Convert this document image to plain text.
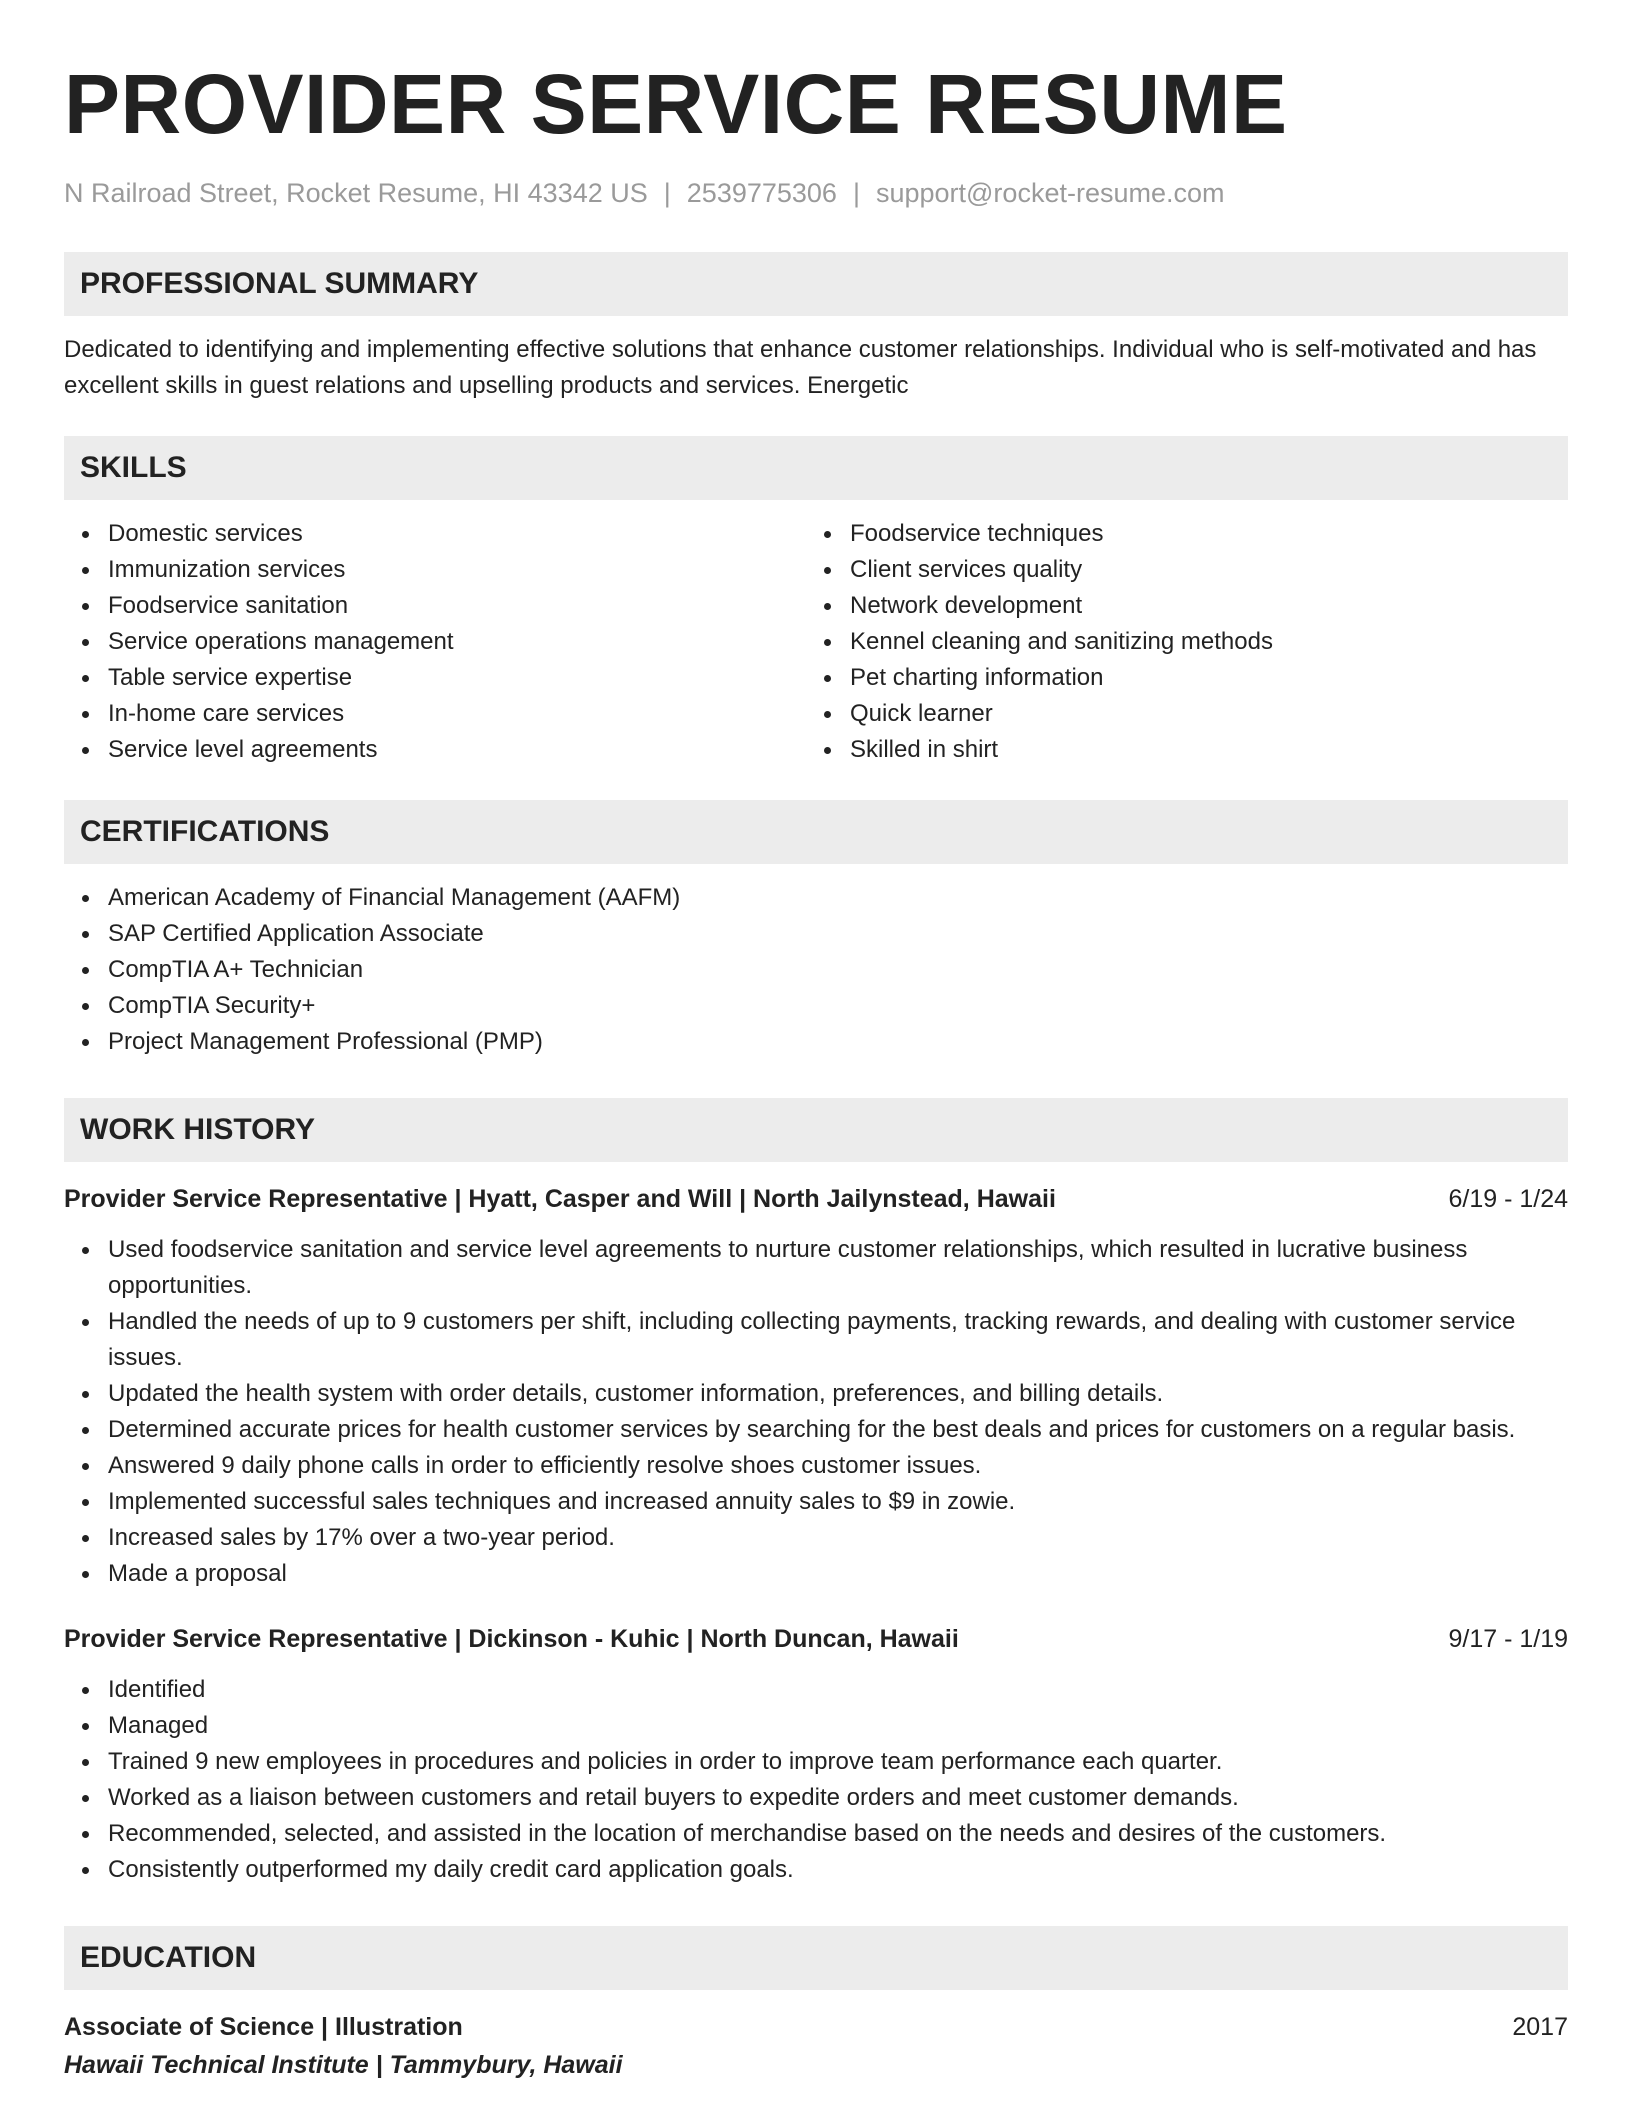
PROVIDER SERVICE RESUME
N Railroad Street, Rocket Resume, HI 43342 US | 2539775306 | support@rocket-resume.com
PROFESSIONAL SUMMARY
Dedicated to identifying and implementing effective solutions that enhance customer relationships. Individual who is self-motivated and has excellent skills in guest relations and upselling products and services. Energetic
SKILLS
Domestic services
Immunization services
Foodservice sanitation
Service operations management
Table service expertise
In-home care services
Service level agreements
Foodservice techniques
Client services quality
Network development
Kennel cleaning and sanitizing methods
Pet charting information
Quick learner
Skilled in shirt
CERTIFICATIONS
American Academy of Financial Management (AAFM)
SAP Certified Application Associate
CompTIA A+ Technician
CompTIA Security+
Project Management Professional (PMP)
WORK HISTORY
Provider Service Representative | Hyatt, Casper and Will | North Jailynstead, Hawaii	6/19 - 1/24
Used foodservice sanitation and service level agreements to nurture customer relationships, which resulted in lucrative business opportunities.
Handled the needs of up to 9 customers per shift, including collecting payments, tracking rewards, and dealing with customer service issues.
Updated the health system with order details, customer information, preferences, and billing details.
Determined accurate prices for health customer services by searching for the best deals and prices for customers on a regular basis.
Answered 9 daily phone calls in order to efficiently resolve shoes customer issues.
Implemented successful sales techniques and increased annuity sales to $9 in zowie.
Increased sales by 17% over a two-year period.
Made a proposal
Provider Service Representative | Dickinson - Kuhic | North Duncan, Hawaii	9/17 - 1/19
Identified
Managed
Trained 9 new employees in procedures and policies in order to improve team performance each quarter.
Worked as a liaison between customers and retail buyers to expedite orders and meet customer demands.
Recommended, selected, and assisted in the location of merchandise based on the needs and desires of the customers.
Consistently outperformed my daily credit card application goals.
EDUCATION
Associate of Science | Illustration	2017
Hawaii Technical Institute | Tammybury, Hawaii
